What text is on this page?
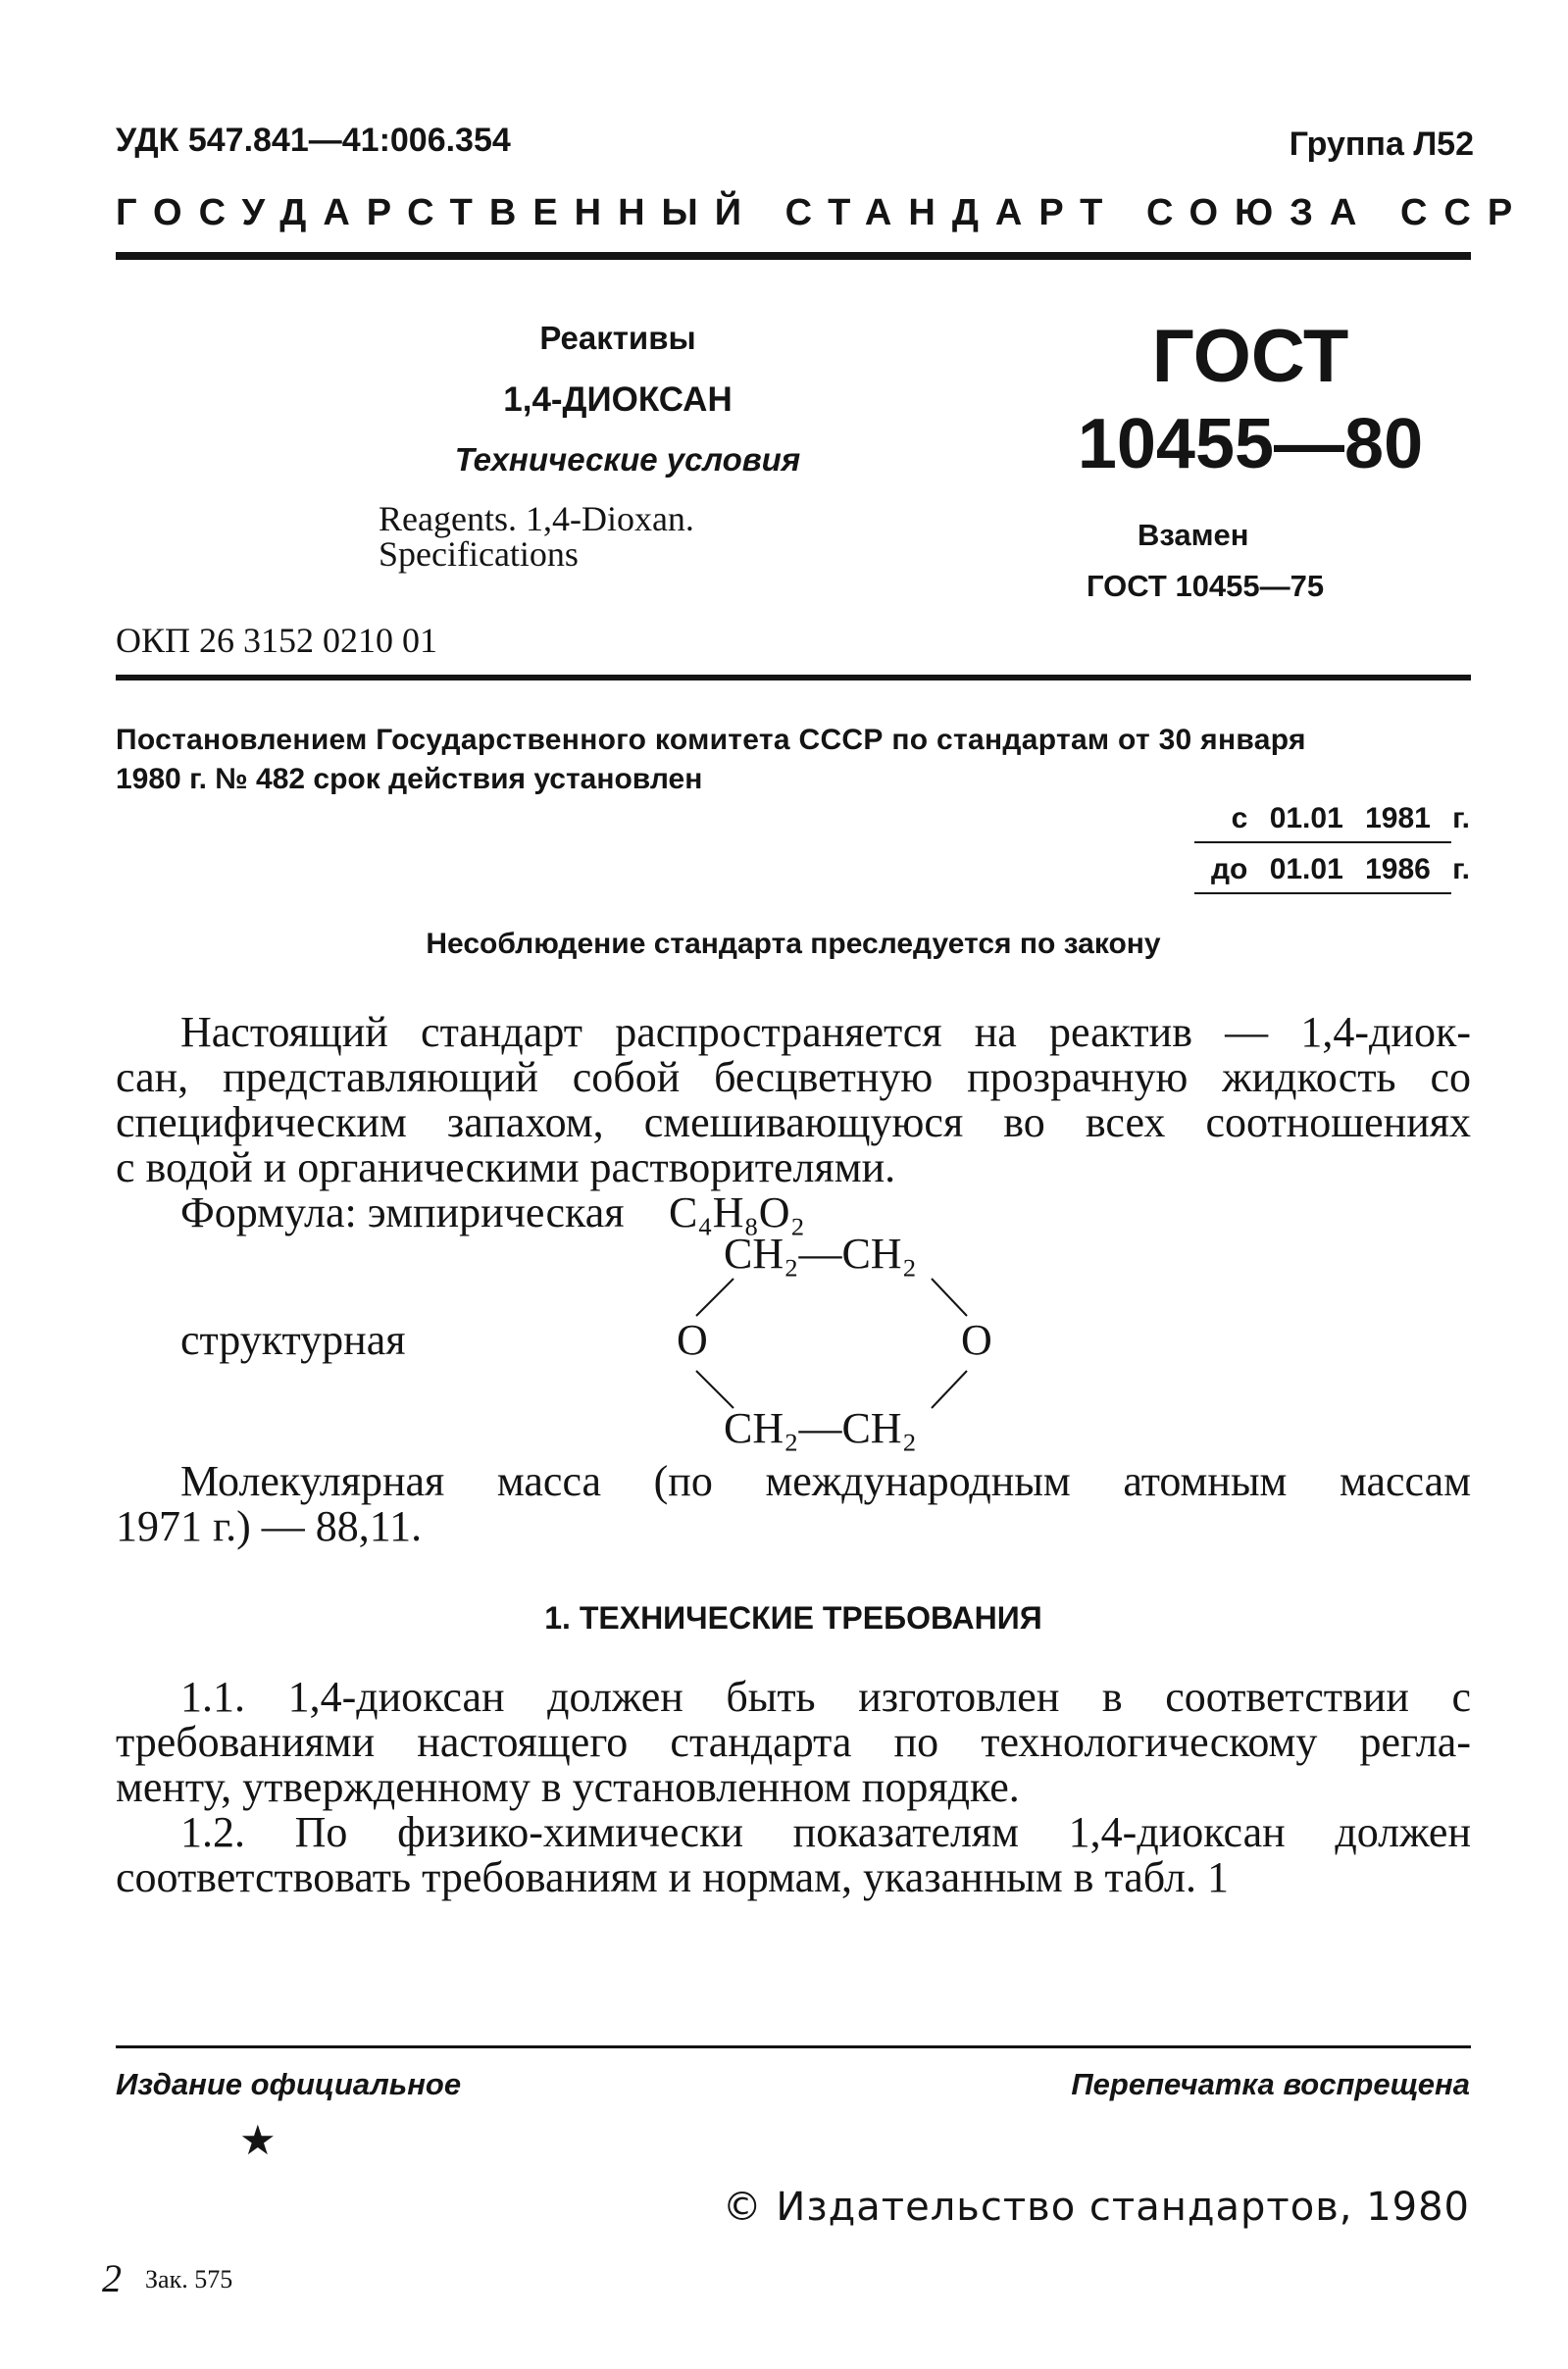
УДК 547.841—41:006.354	Группа Л52
ГОСУДАРСТВЕННЫЙ СТАНДАРТ СОЮЗА ССР
Реактивы
1,4-ДИОКСАН
Технические условия
Reagents. 1,4-Dioxan.
Specifications
ОКП 26 3152 0210 01
ГОСТ
10455—80
Взамен
ГОСТ 10455—75
Постановлением Государственного комитета СССР по стандартам от 30 января
1980 г. № 482 срок действия установлен
с 01.01 1981 г.
до 01.01 1986 г.
Несоблюдение стандарта преследуется по закону
Настоящий стандарт распространяется на реактив — 1,4-диок-
сан, представляющий собой бесцветную прозрачную жидкость со
специфическим запахом, смешивающуюся во всех соотношениях
с водой и органическими растворителями.
Формула: эмпирическая C₄H₈O₂
структурная
CH₂—CH₂
O	O
CH₂—CH₂
Молекулярная масса (по международным атомным массам
1971 г.) — 88,11.
1. ТЕХНИЧЕСКИЕ ТРЕБОВАНИЯ
1.1. 1,4-диоксан должен быть изготовлен в соответствии с
требованиями настоящего стандарта по технологическому регла-
менту, утвержденному в установленном порядке.
1.2. По физико-химически показателям 1,4-диоксан должен
соответствовать требованиям и нормам, указанным в табл. 1
Издание официальное	Перепечатка воспрещена
★
© Издательство стандартов, 1980
2 Зак. 575
